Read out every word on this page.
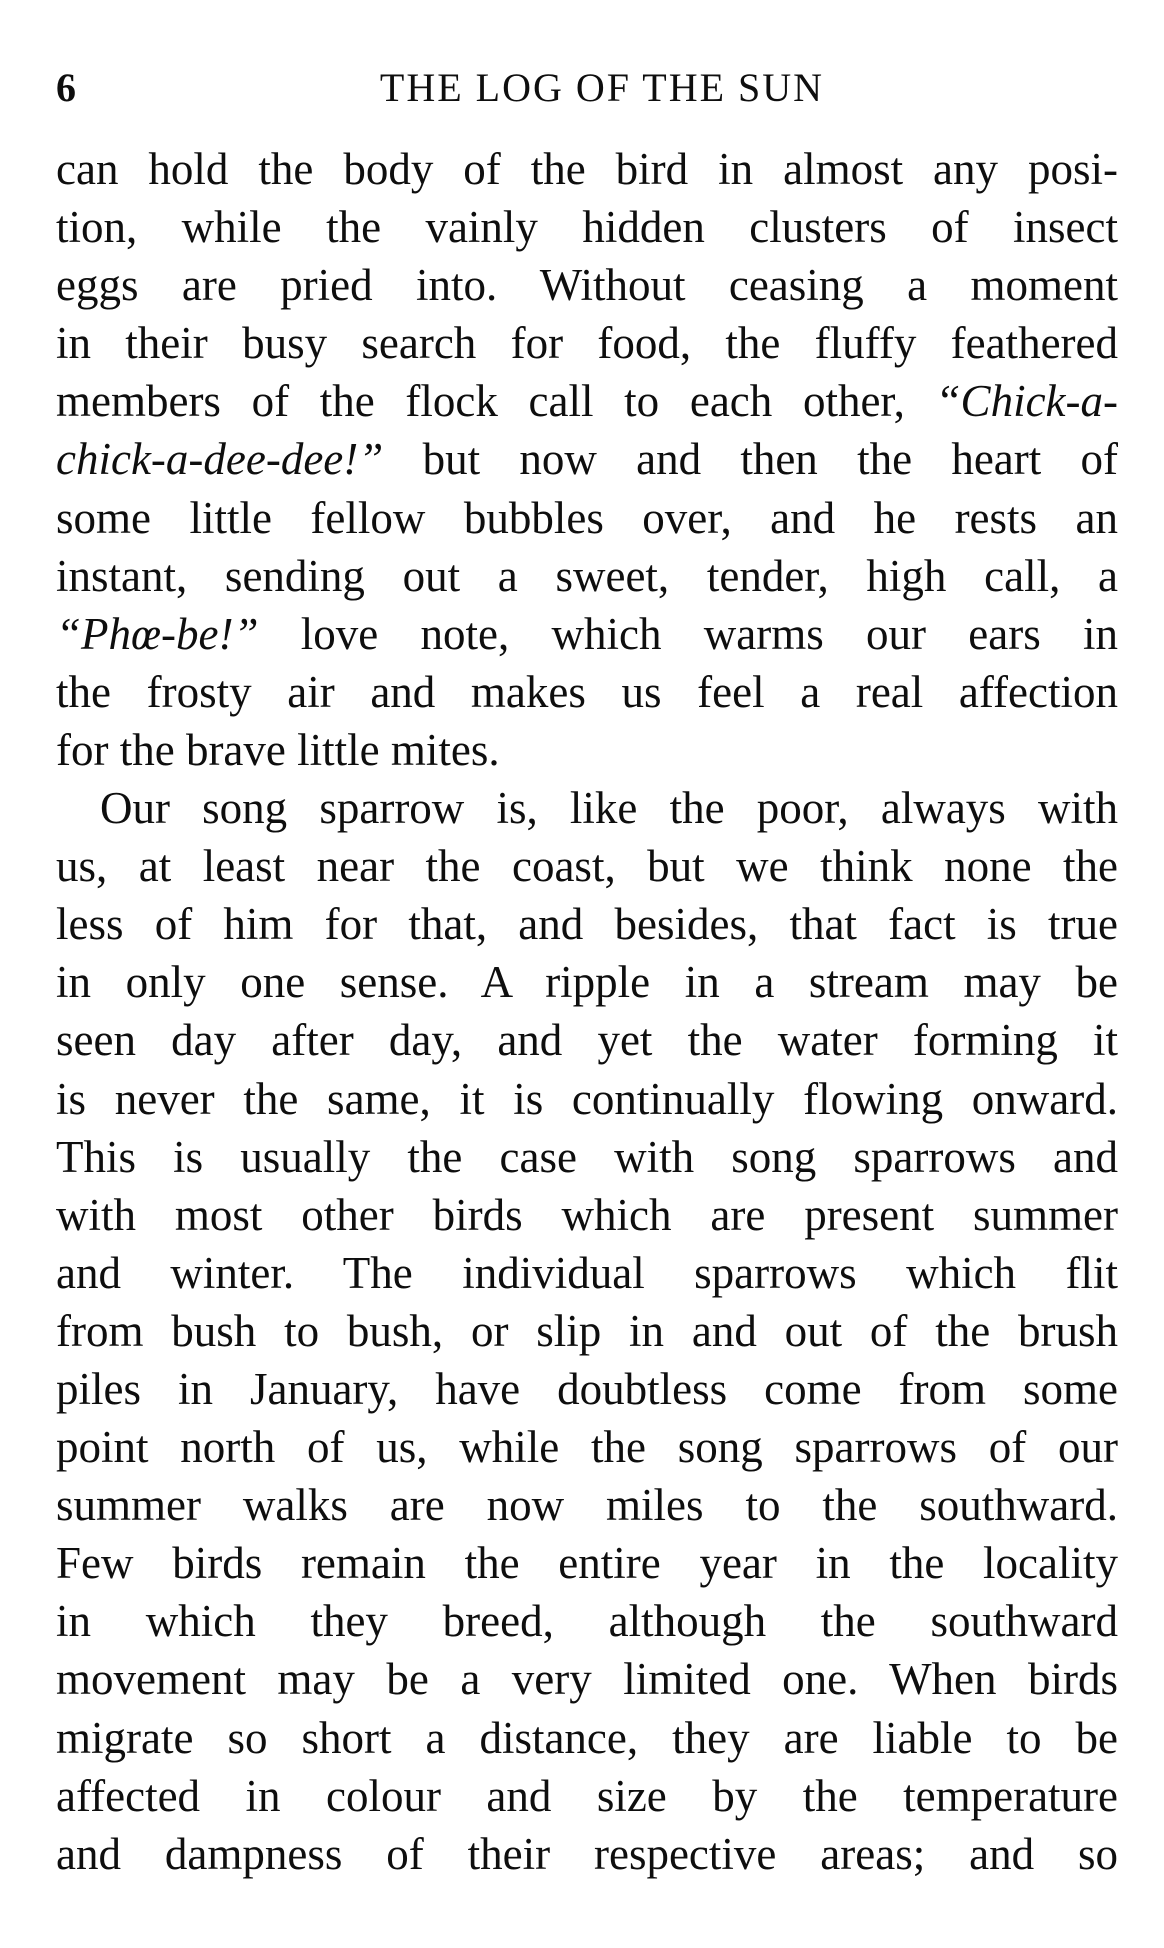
6	THE LOG OF THE SUN
can hold the body of the bird in almost any posi-
tion, while the vainly hidden clusters of insect
eggs are pried into. Without ceasing a moment
in their busy search for food, the fluffy feathered
members of the flock call to each other, “Chick-a-
chick-a-dee-dee!” but now and then the heart of
some little fellow bubbles over, and he rests an
instant, sending out a sweet, tender, high call, a
“Phœ-be!” love note, which warms our ears in
the frosty air and makes us feel a real affection
for the brave little mites.
Our song sparrow is, like the poor, always with
us, at least near the coast, but we think none the
less of him for that, and besides, that fact is true
in only one sense. A ripple in a stream may be
seen day after day, and yet the water forming it
is never the same, it is continually flowing onward.
This is usually the case with song sparrows and
with most other birds which are present summer
and winter. The individual sparrows which flit
from bush to bush, or slip in and out of the brush
piles in January, have doubtless come from some
point north of us, while the song sparrows of our
summer walks are now miles to the southward.
Few birds remain the entire year in the locality
in which they breed, although the southward
movement may be a very limited one. When birds
migrate so short a distance, they are liable to be
affected in colour and size by the temperature
and dampness of their respective areas; and so
